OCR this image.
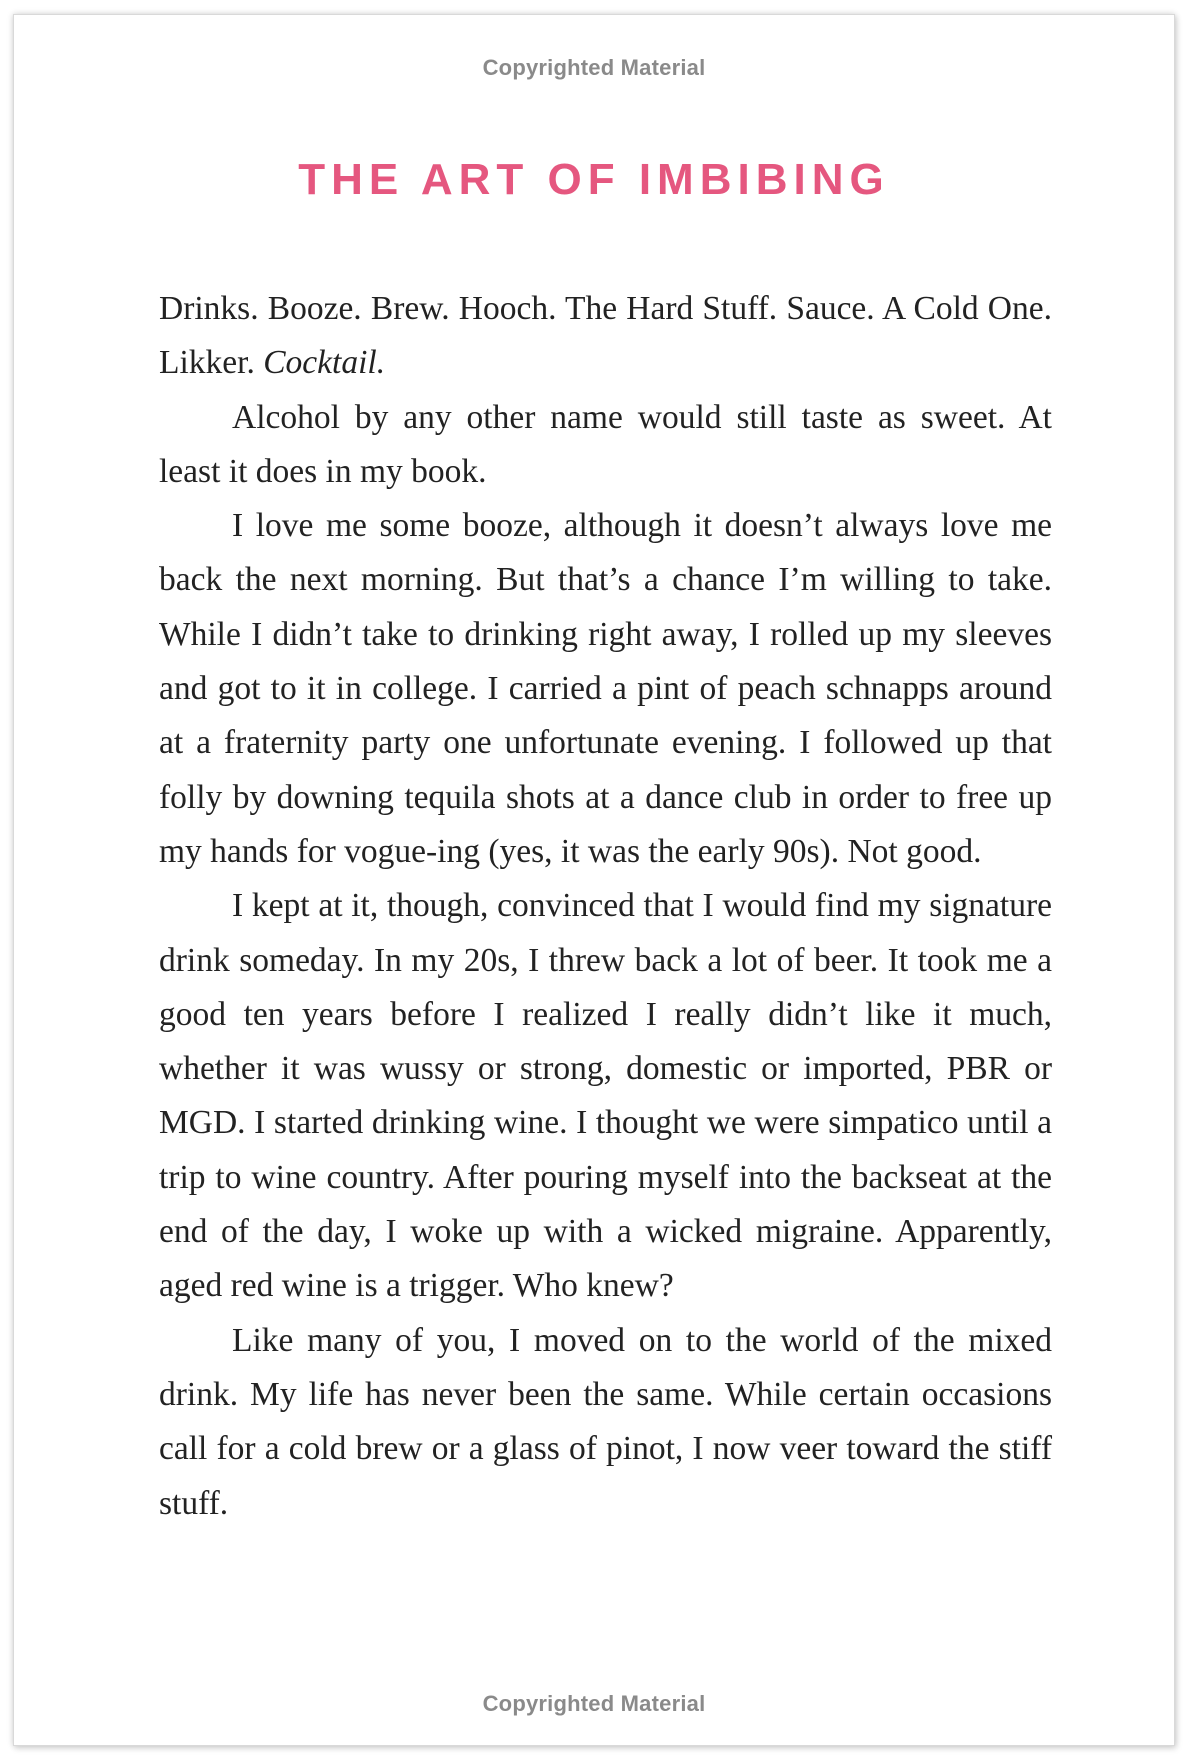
Copyrighted Material
THE ART OF IMBIBING

Drinks. Booze. Brew. Hooch. The Hard Stuff. Sauce. A Cold One. Likker. Cocktail.

Alcohol by any other name would still taste as sweet. At least it does in my book.

I love me some booze, although it doesn’t always love me back the next morning. But that’s a chance I’m willing to take. While I didn’t take to drinking right away, I rolled up my sleeves and got to it in college. I carried a pint of peach schnapps around at a fraternity party one unfortunate evening. I followed up that folly by downing tequila shots at a dance club in order to free up my hands for vogue-ing (yes, it was the early 90s). Not good.

I kept at it, though, convinced that I would find my signature drink someday. In my 20s, I threw back a lot of beer. It took me a good ten years before I realized I really didn’t like it much, whether it was wussy or strong, domestic or imported, PBR or MGD. I started drinking wine. I thought we were simpatico until a trip to wine country. After pouring myself into the backseat at the end of the day, I woke up with a wicked migraine. Apparently, aged red wine is a trigger. Who knew?

Like many of you, I moved on to the world of the mixed drink. My life has never been the same. While certain occasions call for a cold brew or a glass of pinot, I now veer toward the stiff stuff.

Copyrighted Material
